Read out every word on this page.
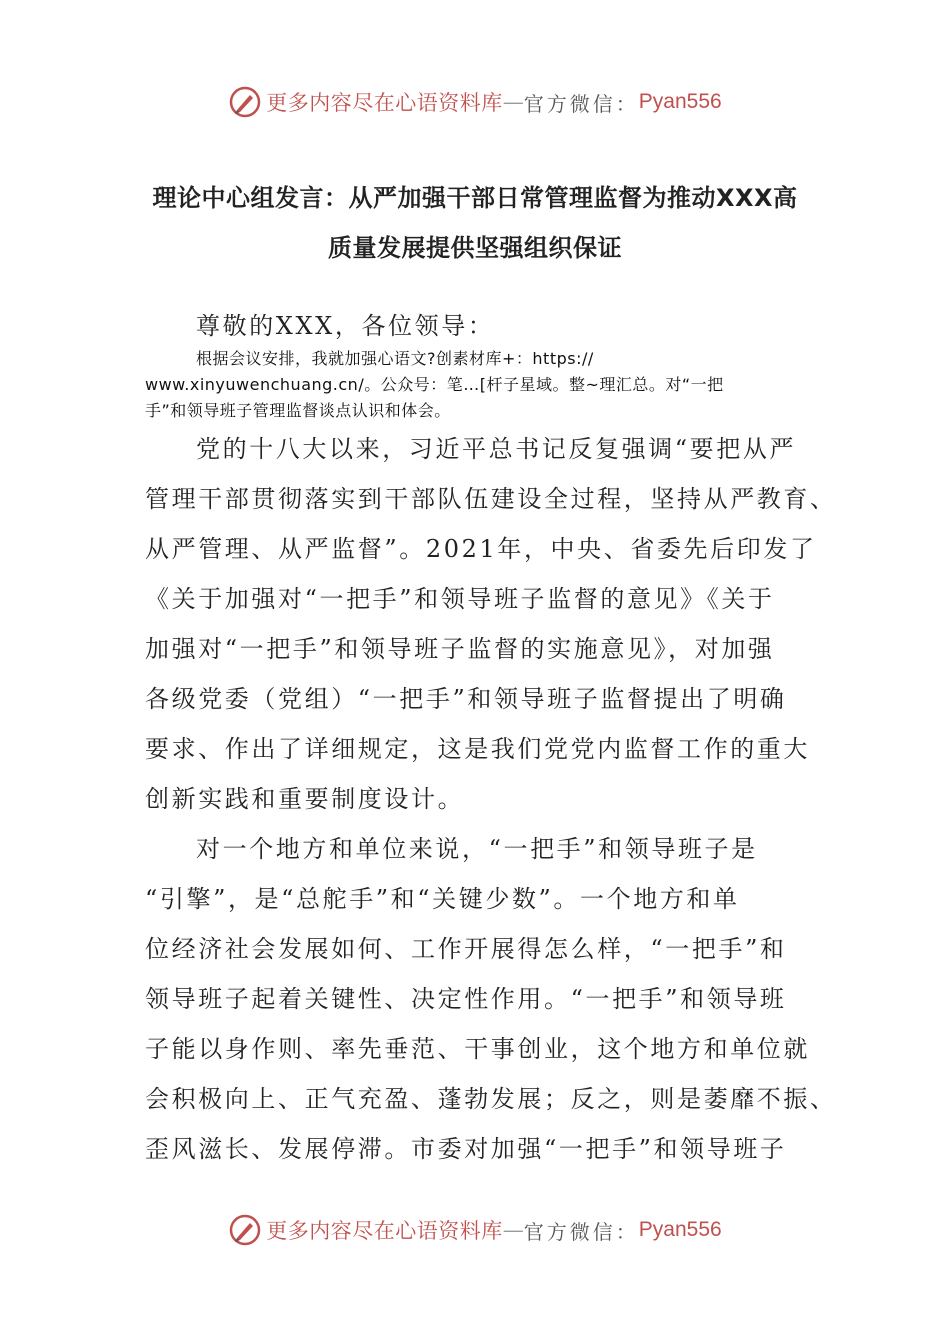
更多内容尽在心语资料库 — 官方微信： Pyan556
理论中心组发言：从严加强干部日常管理监督为推动XXX高
质量发展提供坚强组织保证
尊敬的XXX，各位领导：
根据会议安排，我就加强心语文?创素材库+：https://
www.xinyuwenchuang.cn/。公众号：笔…[杆子星域。整~理汇总。对“一把
手”和领导班子管理监督谈点认识和体会。
党的十八大以来，习近平总书记反复强调“要把从严
管理干部贯彻落实到干部队伍建设全过程，坚持从严教育、
从严管理、从严监督”。2021年，中央、省委先后印发了
《关于加强对“一把手”和领导班子监督的意见》《关于
加强对“一把手”和领导班子监督的实施意见》，对加强
各级党委（党组）“一把手”和领导班子监督提出了明确
要求、作出了详细规定，这是我们党党内监督工作的重大
创新实践和重要制度设计。
对一个地方和单位来说，“一把手”和领导班子是
“引擎”，是“总舵手”和“关键少数”。一个地方和单
位经济社会发展如何、工作开展得怎么样，“一把手”和
领导班子起着关键性、决定性作用。“一把手”和领导班
子能以身作则、率先垂范、干事创业，这个地方和单位就
会积极向上、正气充盈、蓬勃发展；反之，则是萎靡不振、
歪风滋长、发展停滞。市委对加强“一把手”和领导班子
更多内容尽在心语资料库 — 官方微信： Pyan556
